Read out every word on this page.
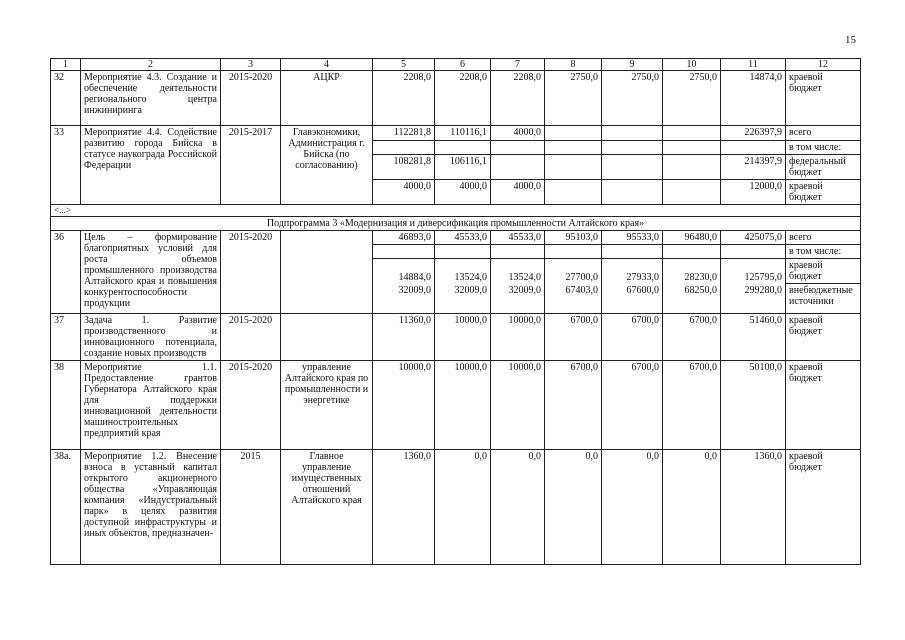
15
1	2	3	4	5	6	7	8	9	10	11	12
32	Мероприятие 4.3. Создание и обеспечение деятельности регионального центра инжиниринга	2015-2020	АЦКР	2208,0	2208,0	2208,0	2750,0	2750,0	2750,0	14874,0	краевой бюджет
33	Мероприятие 4.4. Содействие развитию города Бийска в статусе наукограда Российской Федерации	2015-2017	Главэкономики, Администрация г. Бийска (по согласованию)	112281,8	110116,1	4000,0				226397,9	всего
											в том числе:
				108281,8	106116,1					214397,9	федеральный бюджет
				4000,0	4000,0	4000,0				12000,0	краевой бюджет
<...>											
Подпрограмма 3 «Модернизация и диверсификация промышленности Алтайского края»											
36	Цель – формирование благоприятных условий для роста объемов промышленного производства Алтайского края и повышения конкурентоспособности продукции	2015-2020		46893,0	45533,0	45533,0	95103,0	95533,0	96480,0	425075,0	всего
											в том числе:
				14884,0	13524,0	13524,0	27700,0	27933,0	28230,0	125795,0	краевой бюджет
				32009,0	32009,0	32009,0	67403,0	67600,0	68250,0	299280,0	внебюджетные источники
37	Задача 1. Развитие производственного и инновационного потенциала, создание новых производств	2015-2020		11360,0	10000,0	10000,0	6700,0	6700,0	6700,0	51460,0	краевой бюджет
38	Мероприятие 1.1. Предоставление грантов Губернатора Алтайского края для поддержки инновационной деятельности машиностроительных предприятий края	2015-2020	управление Алтайского края по промышленности и энергетике	10000,0	10000,0	10000,0	6700,0	6700,0	6700,0	50100,0	краевой бюджет
38а.	Мероприятие 1.2. Внесение взноса в уставный капитал открытого акционерного общества «Управляющая компания «Индустриальный парк» в целях развития доступной инфраструктуры и иных объектов, предназначен-	2015	Главное управление имущественных отношений Алтайского края	1360,0	0,0	0,0	0,0	0,0	0,0	1360,0	краевой бюджет
